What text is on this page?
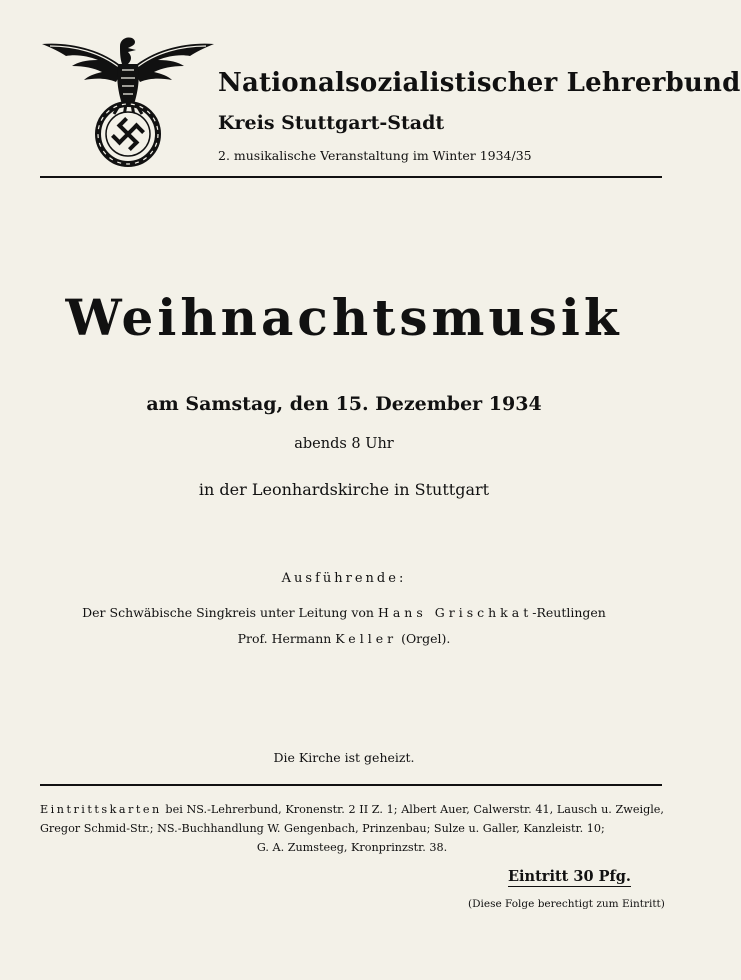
Nationalsozialistischer Lehrerbund
Kreis Stuttgart-Stadt
2. musikalische Veranstaltung im Winter 1934/35
Weihnachtsmusik
am Samstag, den 15. Dezember 1934
abends 8 Uhr
in der Leonhardskirche in Stuttgart
Ausführende:
Der Schwäbische Singkreis unter Leitung von Hans Grischkat-Reutlingen
Prof. Hermann Keller (Orgel).
Die Kirche ist geheizt.
Eintrittskarten bei NS.-Lehrerbund, Kronenstr. 2 II Z. 1; Albert Auer, Calwerstr. 41, Lausch u. Zweigle, Gregor Schmid-Str.; NS.-Buchhandlung W. Gengenbach, Prinzenbau; Sulze u. Galler, Kanzleistr. 10;
G. A. Zumsteeg, Kronprinzstr. 38.
Eintritt 30 Pfg.
(Diese Folge berechtigt zum Eintritt)
